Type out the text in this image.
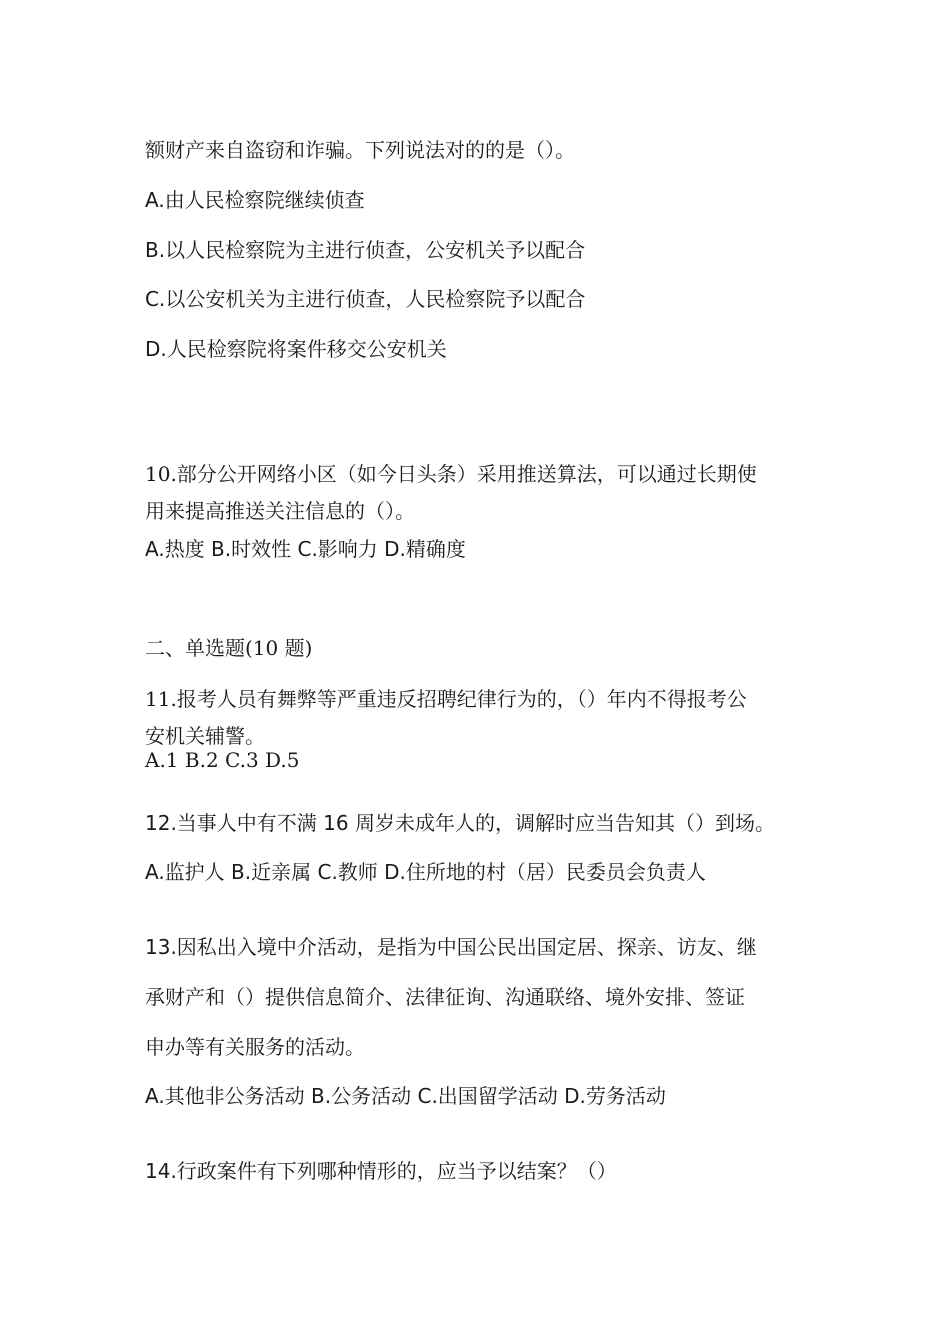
额财产来自盗窃和诈骗。下列说法对的的是（）。
A.由人民检察院继续侦查
B.以人民检察院为主进行侦查，公安机关予以配合
C.以公安机关为主进行侦查，人民检察院予以配合
D.人民检察院将案件移交公安机关
10.部分公开网络小区（如今日头条）采用推送算法，可以通过长期使
用来提高推送关注信息的（）。
A.热度 B.时效性 C.影响力 D.精确度
二、单选题(10 题)
11.报考人员有舞弊等严重违反招聘纪律行为的，（）年内不得报考公
安机关辅警。
A.1 B.2 C.3 D.5
12.当事人中有不满 16 周岁未成年人的，调解时应当告知其（）到场。
A.监护人 B.近亲属 C.教师 D.住所地的村（居）民委员会负责人
13.因私出入境中介活动，是指为中国公民出国定居、探亲、访友、继
承财产和（）提供信息简介、法律征询、沟通联络、境外安排、签证
申办等有关服务的活动。
A.其他非公务活动 B.公务活动 C.出国留学活动 D.劳务活动
14.行政案件有下列哪种情形的，应当予以结案？（）
